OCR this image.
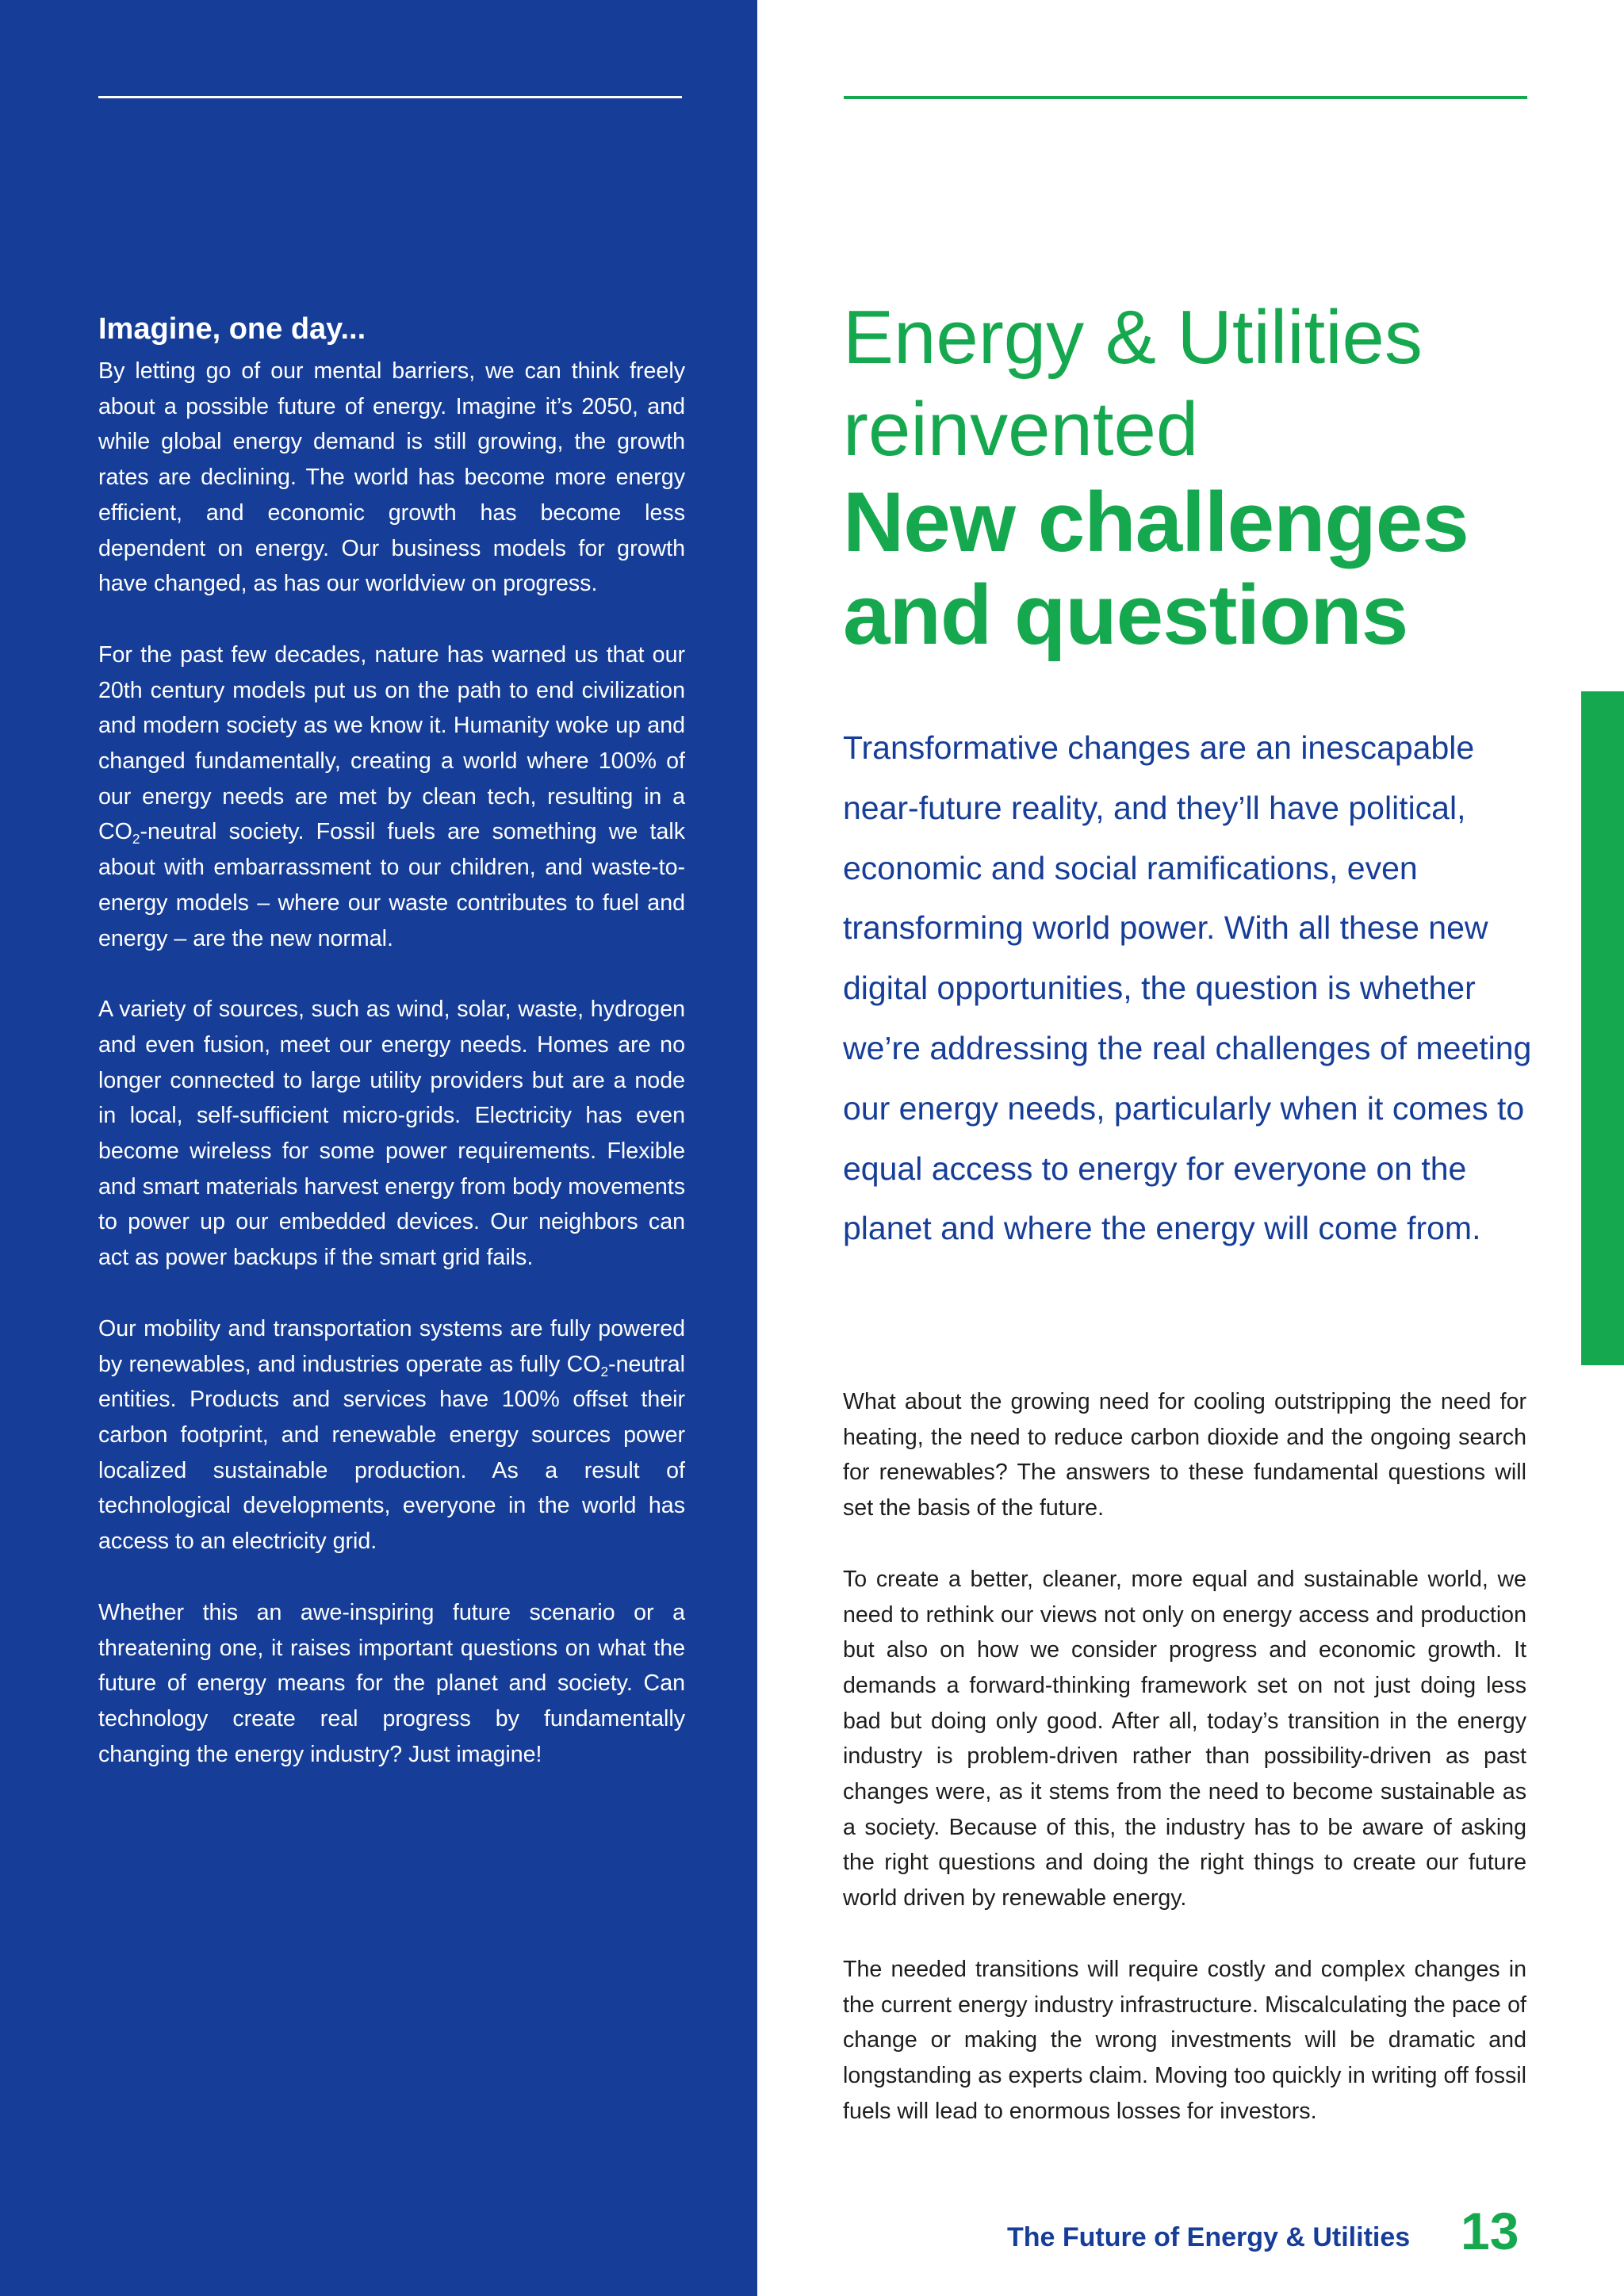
Imagine, one day...

By letting go of our mental barriers, we can think freely about a possible future of energy. Imagine it’s 2050, and while global energy demand is still growing, the growth rates are declining. The world has become more energy efficient, and economic growth has become less dependent on energy. Our business models for growth have changed, as has our worldview on progress.

For the past few decades, nature has warned us that our 20th century models put us on the path to end civilization and modern society as we know it. Humanity woke up and changed fundamentally, creating a world where 100% of our energy needs are met by clean tech, resulting in a $CO_2$-neutral society. Fossil fuels are something we talk about with embarrassment to our children, and waste-to-energy models – where our waste contributes to fuel and energy – are the new normal.

A variety of sources, such as wind, solar, waste, hydrogen and even fusion, meet our energy needs. Homes are no longer connected to large utility providers but are a node in local, self-sufficient micro-grids. Electricity has even become wireless for some power requirements. Flexible and smart materials harvest energy from body movements to power up our embedded devices. Our neighbors can act as power backups if the smart grid fails.

Our mobility and transportation systems are fully powered by renewables, and industries operate as fully $CO_2$-neutral entities. Products and services have 100% offset their carbon footprint, and renewable energy sources power localized sustainable production. As a result of technological developments, everyone in the world has access to an electricity grid.

Whether this an awe-inspiring future scenario or a threatening one, it raises important questions on what the future of energy means for the planet and society. Can technology create real progress by fundamentally changing the energy industry? Just imagine!

Energy & Utilities
reinvented
New challenges
and questions

Transformative changes are an inescapable near-future reality, and they’ll have political, economic and social ramifications, even transforming world power. With all these new digital opportunities, the question is whether we’re addressing the real challenges of meeting our energy needs, particularly when it comes to equal access to energy for everyone on the planet and where the energy will come from.

What about the growing need for cooling outstripping the need for heating, the need to reduce carbon dioxide and the ongoing search for renewables? The answers to these fundamental questions will set the basis of the future.

To create a better, cleaner, more equal and sustainable world, we need to rethink our views not only on energy access and production but also on how we consider progress and economic growth. It demands a forward-thinking framework set on not just doing less bad but doing only good. After all, today’s transition in the energy industry is problem-driven rather than possibility-driven as past changes were, as it stems from the need to become sustainable as a society. Because of this, the industry has to be aware of asking the right questions and doing the right things to create our future world driven by renewable energy.

The needed transitions will require costly and complex changes in the current energy industry infrastructure. Miscalculating the pace of change or making the wrong investments will be dramatic and longstanding as experts claim. Moving too quickly in writing off fossil fuels will lead to enormous losses for investors.

The Future of Energy & Utilities 13
